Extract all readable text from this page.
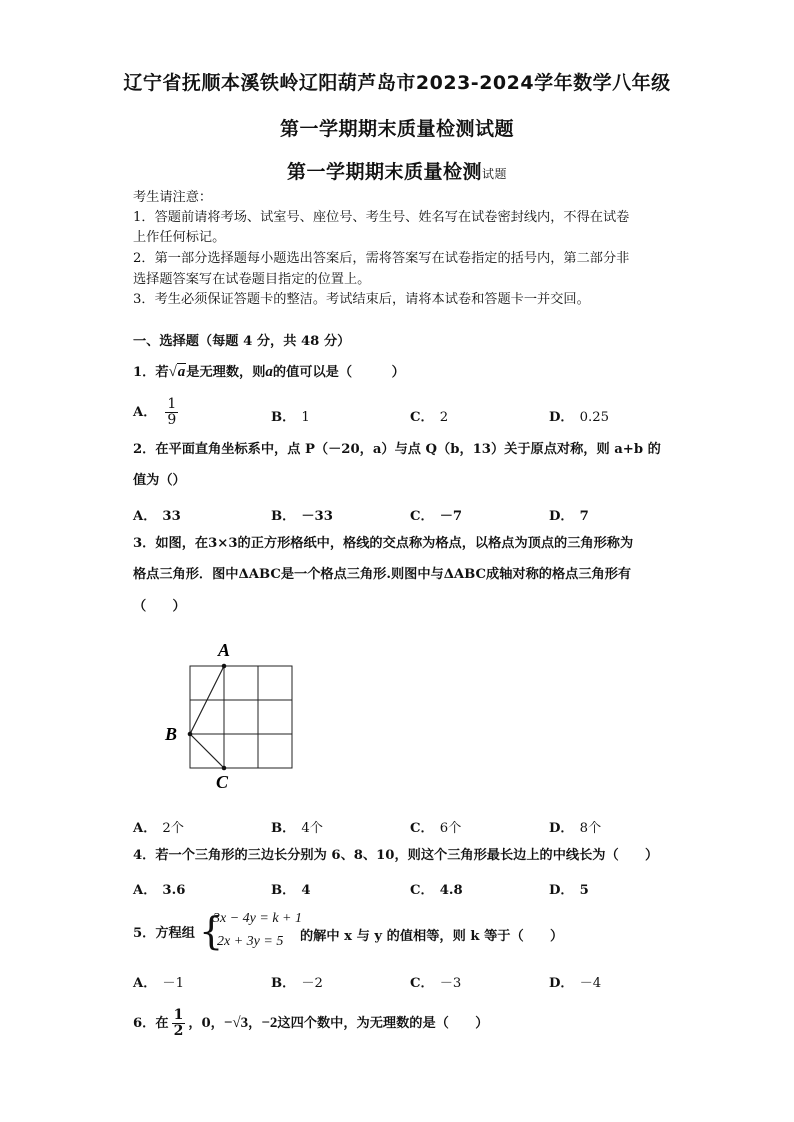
辽宁省抚顺本溪铁岭辽阳葫芦岛市2023-2024学年数学八年级
第一学期期末质量检测试题
第一学期期末质量检测试题
考生请注意：
1．答题前请将考场、试室号、座位号、考生号、姓名写在试卷密封线内，不得在试卷
上作任何标记。
2．第一部分选择题每小题选出答案后，需将答案写在试卷指定的括号内，第二部分非
选择题答案写在试卷题目指定的位置上。
3．考生必须保证答题卡的整洁。考试结束后，请将本试卷和答题卡一并交回。
一、选择题（每题 4 分，共 48 分）
1．若√a是无理数，则a的值可以是（　　　）
A． $\frac{1}{9}$	B． 1	C． 2	D． 0.25
2．在平面直角坐标系中，点 P（－20，a）与点 Q（b，13）关于原点对称，则 a+b 的
值为（）
A． 33	B． －33	C． －7	D． 7
3．如图，在3×3的正方形格纸中，格线的交点称为格点，以格点为顶点的三角形称为
格点三角形．图中ΔABC是一个格点三角形.则图中与ΔABC成轴对称的格点三角形有
（　　）
A
B
C
A． 2个	B． 4个	C． 6个	D． 8个
4．若一个三角形的三边长分别为 6、8、10，则这个三角形最长边上的中线长为（　　）
A． 3.6	B． 4	C． 4.8	D． 5
5．方程组 {
3x − 4y = k + 1
2x + 3y = 5 的解中 x 与 y 的值相等，则 k 等于（　　）
A． －1	B． －2	C． －3	D． －4
6．在 $\frac{1}{2}$ ，0，−√3，−2这四个数中，为无理数的是（　　）
